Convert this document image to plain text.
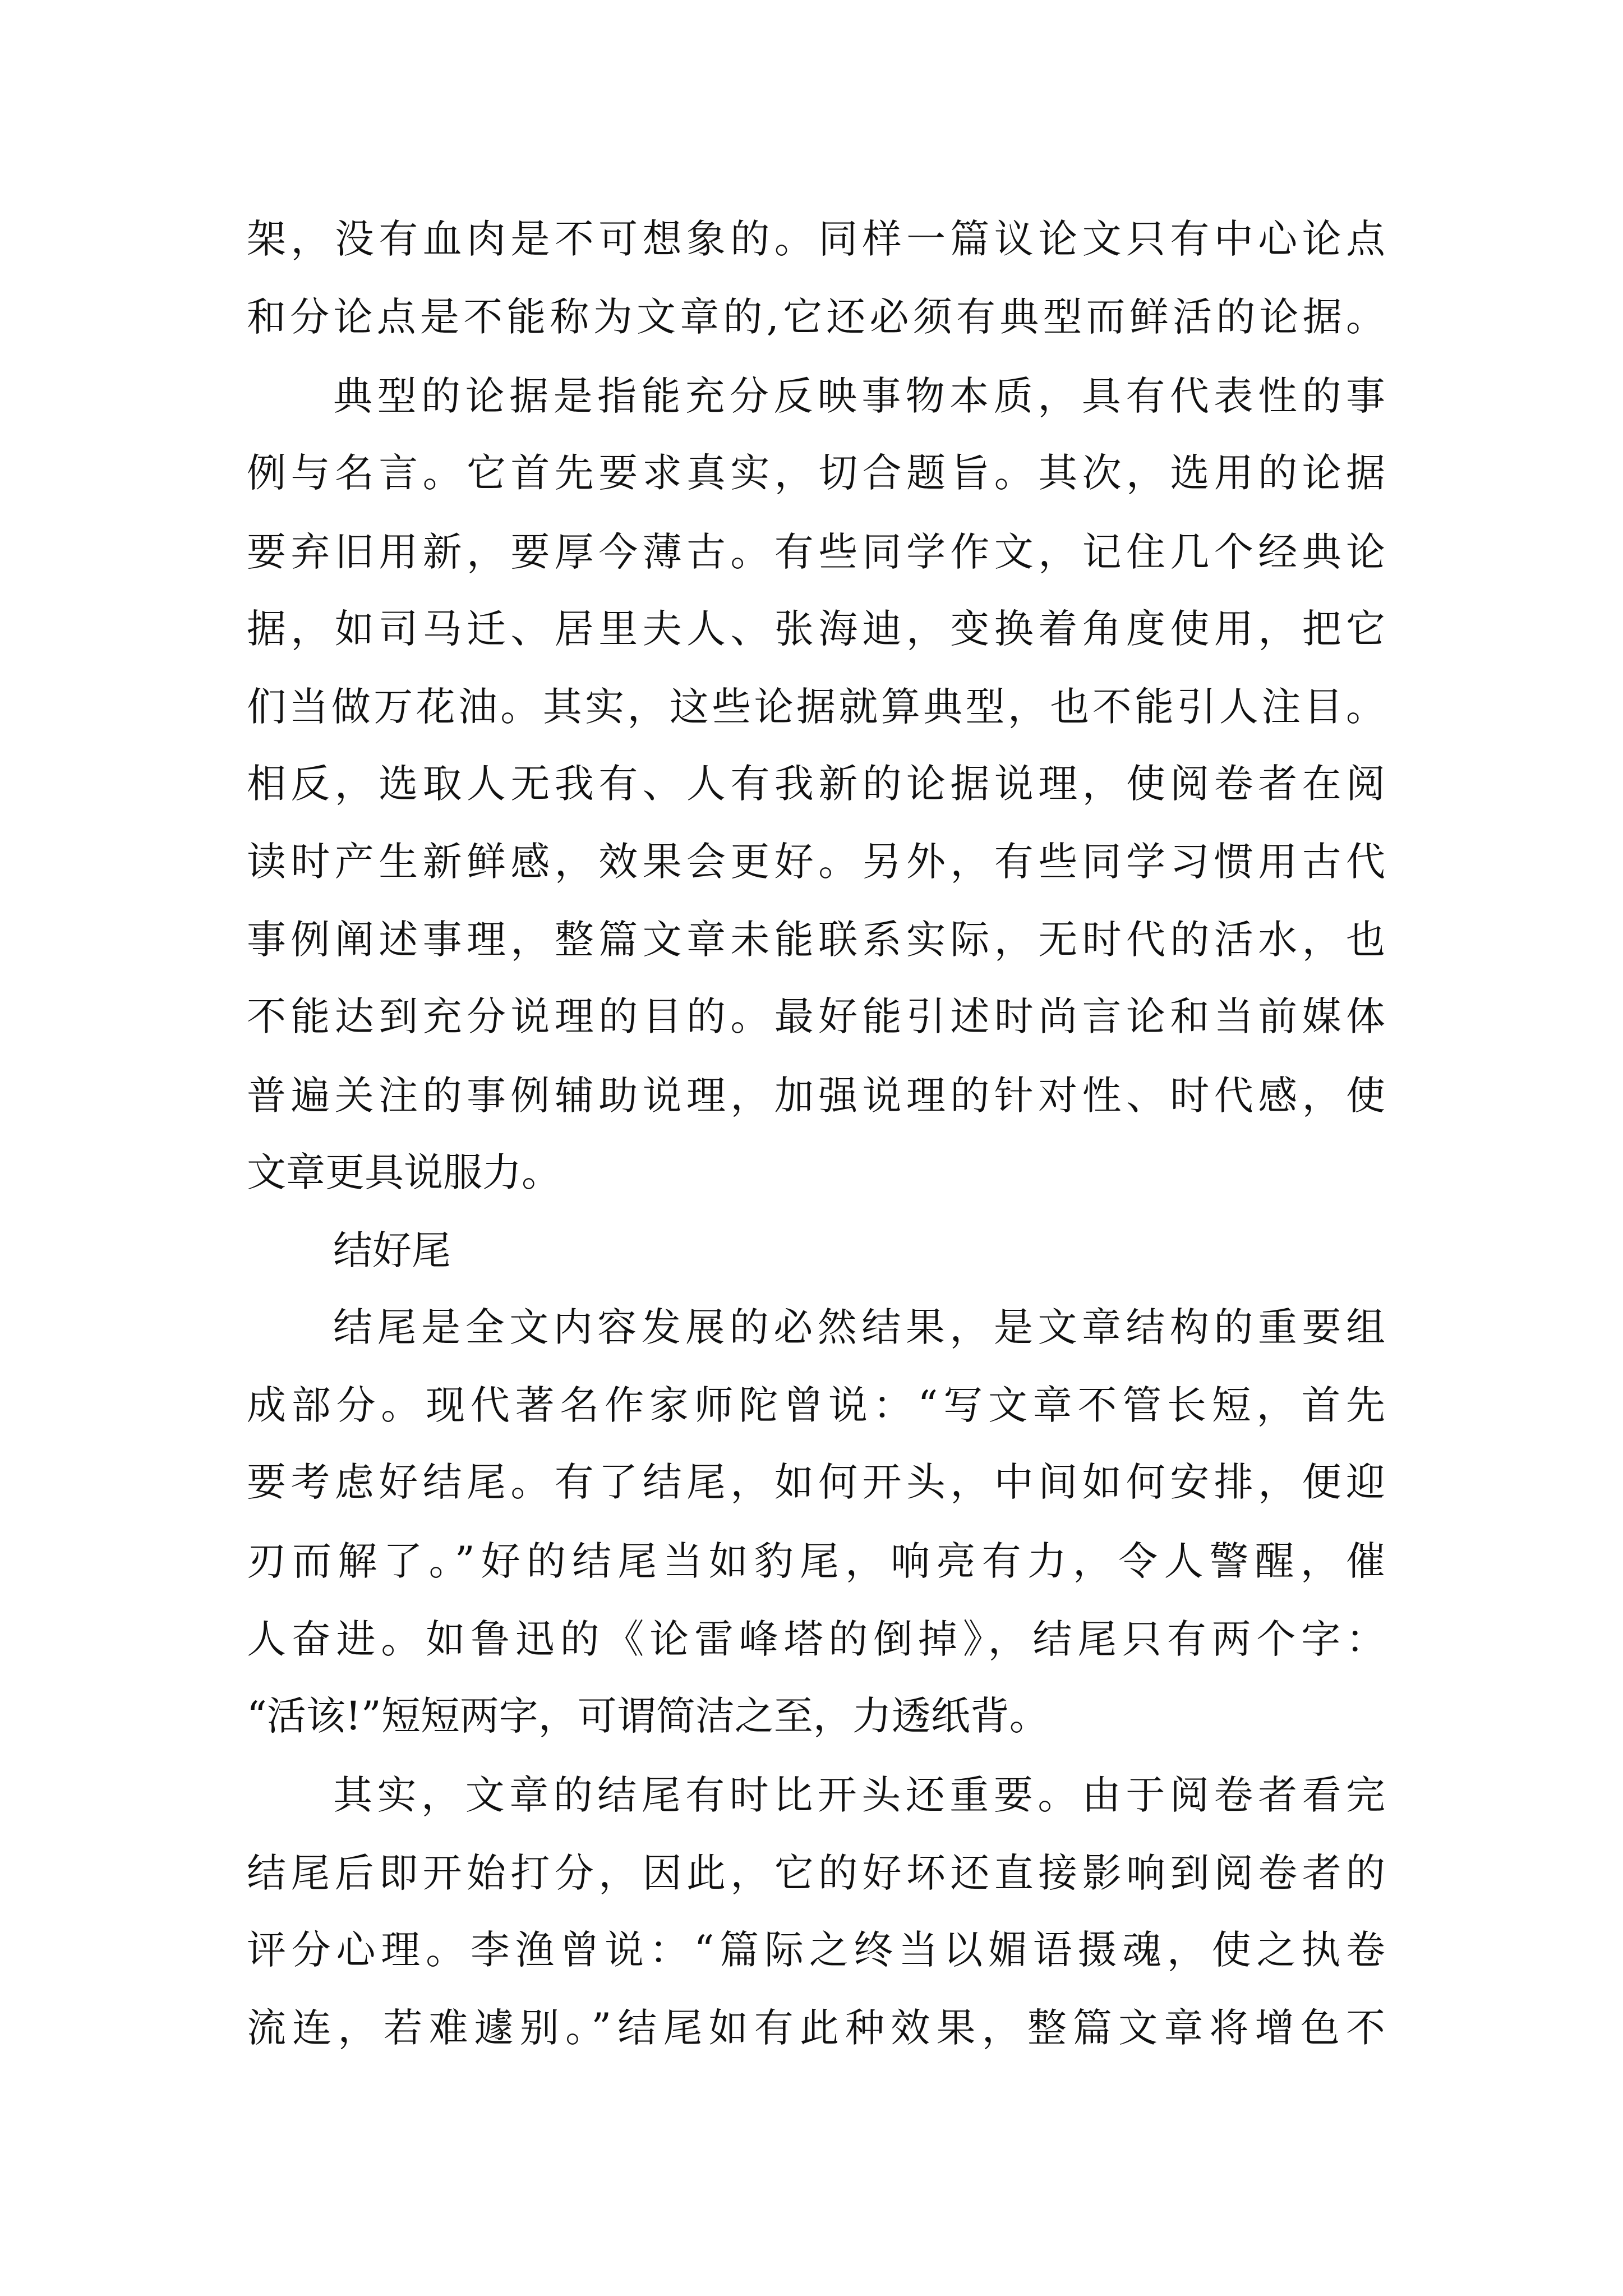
架，没有血肉是不可想象的。同样一篇议论文只有中心论点
和分论点是不能称为文章的,它还必须有典型而鲜活的论据。
典型的论据是指能充分反映事物本质，具有代表性的事
例与名言。它首先要求真实，切合题旨。其次，选用的论据
要弃旧用新，要厚今薄古。有些同学作文，记住几个经典论
据，如司马迁、居里夫人、张海迪，变换着角度使用，把它
们当做万花油。其实，这些论据就算典型，也不能引人注目。
相反，选取人无我有、人有我新的论据说理，使阅卷者在阅
读时产生新鲜感，效果会更好。另外，有些同学习惯用古代
事例阐述事理，整篇文章未能联系实际，无时代的活水，也
不能达到充分说理的目的。最好能引述时尚言论和当前媒体
普遍关注的事例辅助说理，加强说理的针对性、时代感，使
文章更具说服力。
结好尾
结尾是全文内容发展的必然结果，是文章结构的重要组
成部分。现代著名作家师陀曾说：“写文章不管长短，首先
要考虑好结尾。有了结尾，如何开头，中间如何安排，便迎
刃而解了。”好的结尾当如豹尾，响亮有力，令人警醒，催
人奋进。如鲁迅的《论雷峰塔的倒掉》，结尾只有两个字：
“活该!”短短两字，可谓简洁之至，力透纸背。
其实，文章的结尾有时比开头还重要。由于阅卷者看完
结尾后即开始打分，因此，它的好坏还直接影响到阅卷者的
评分心理。李渔曾说：“篇际之终当以媚语摄魂，使之执卷
流连，若难遽别。”结尾如有此种效果，整篇文章将增色不
